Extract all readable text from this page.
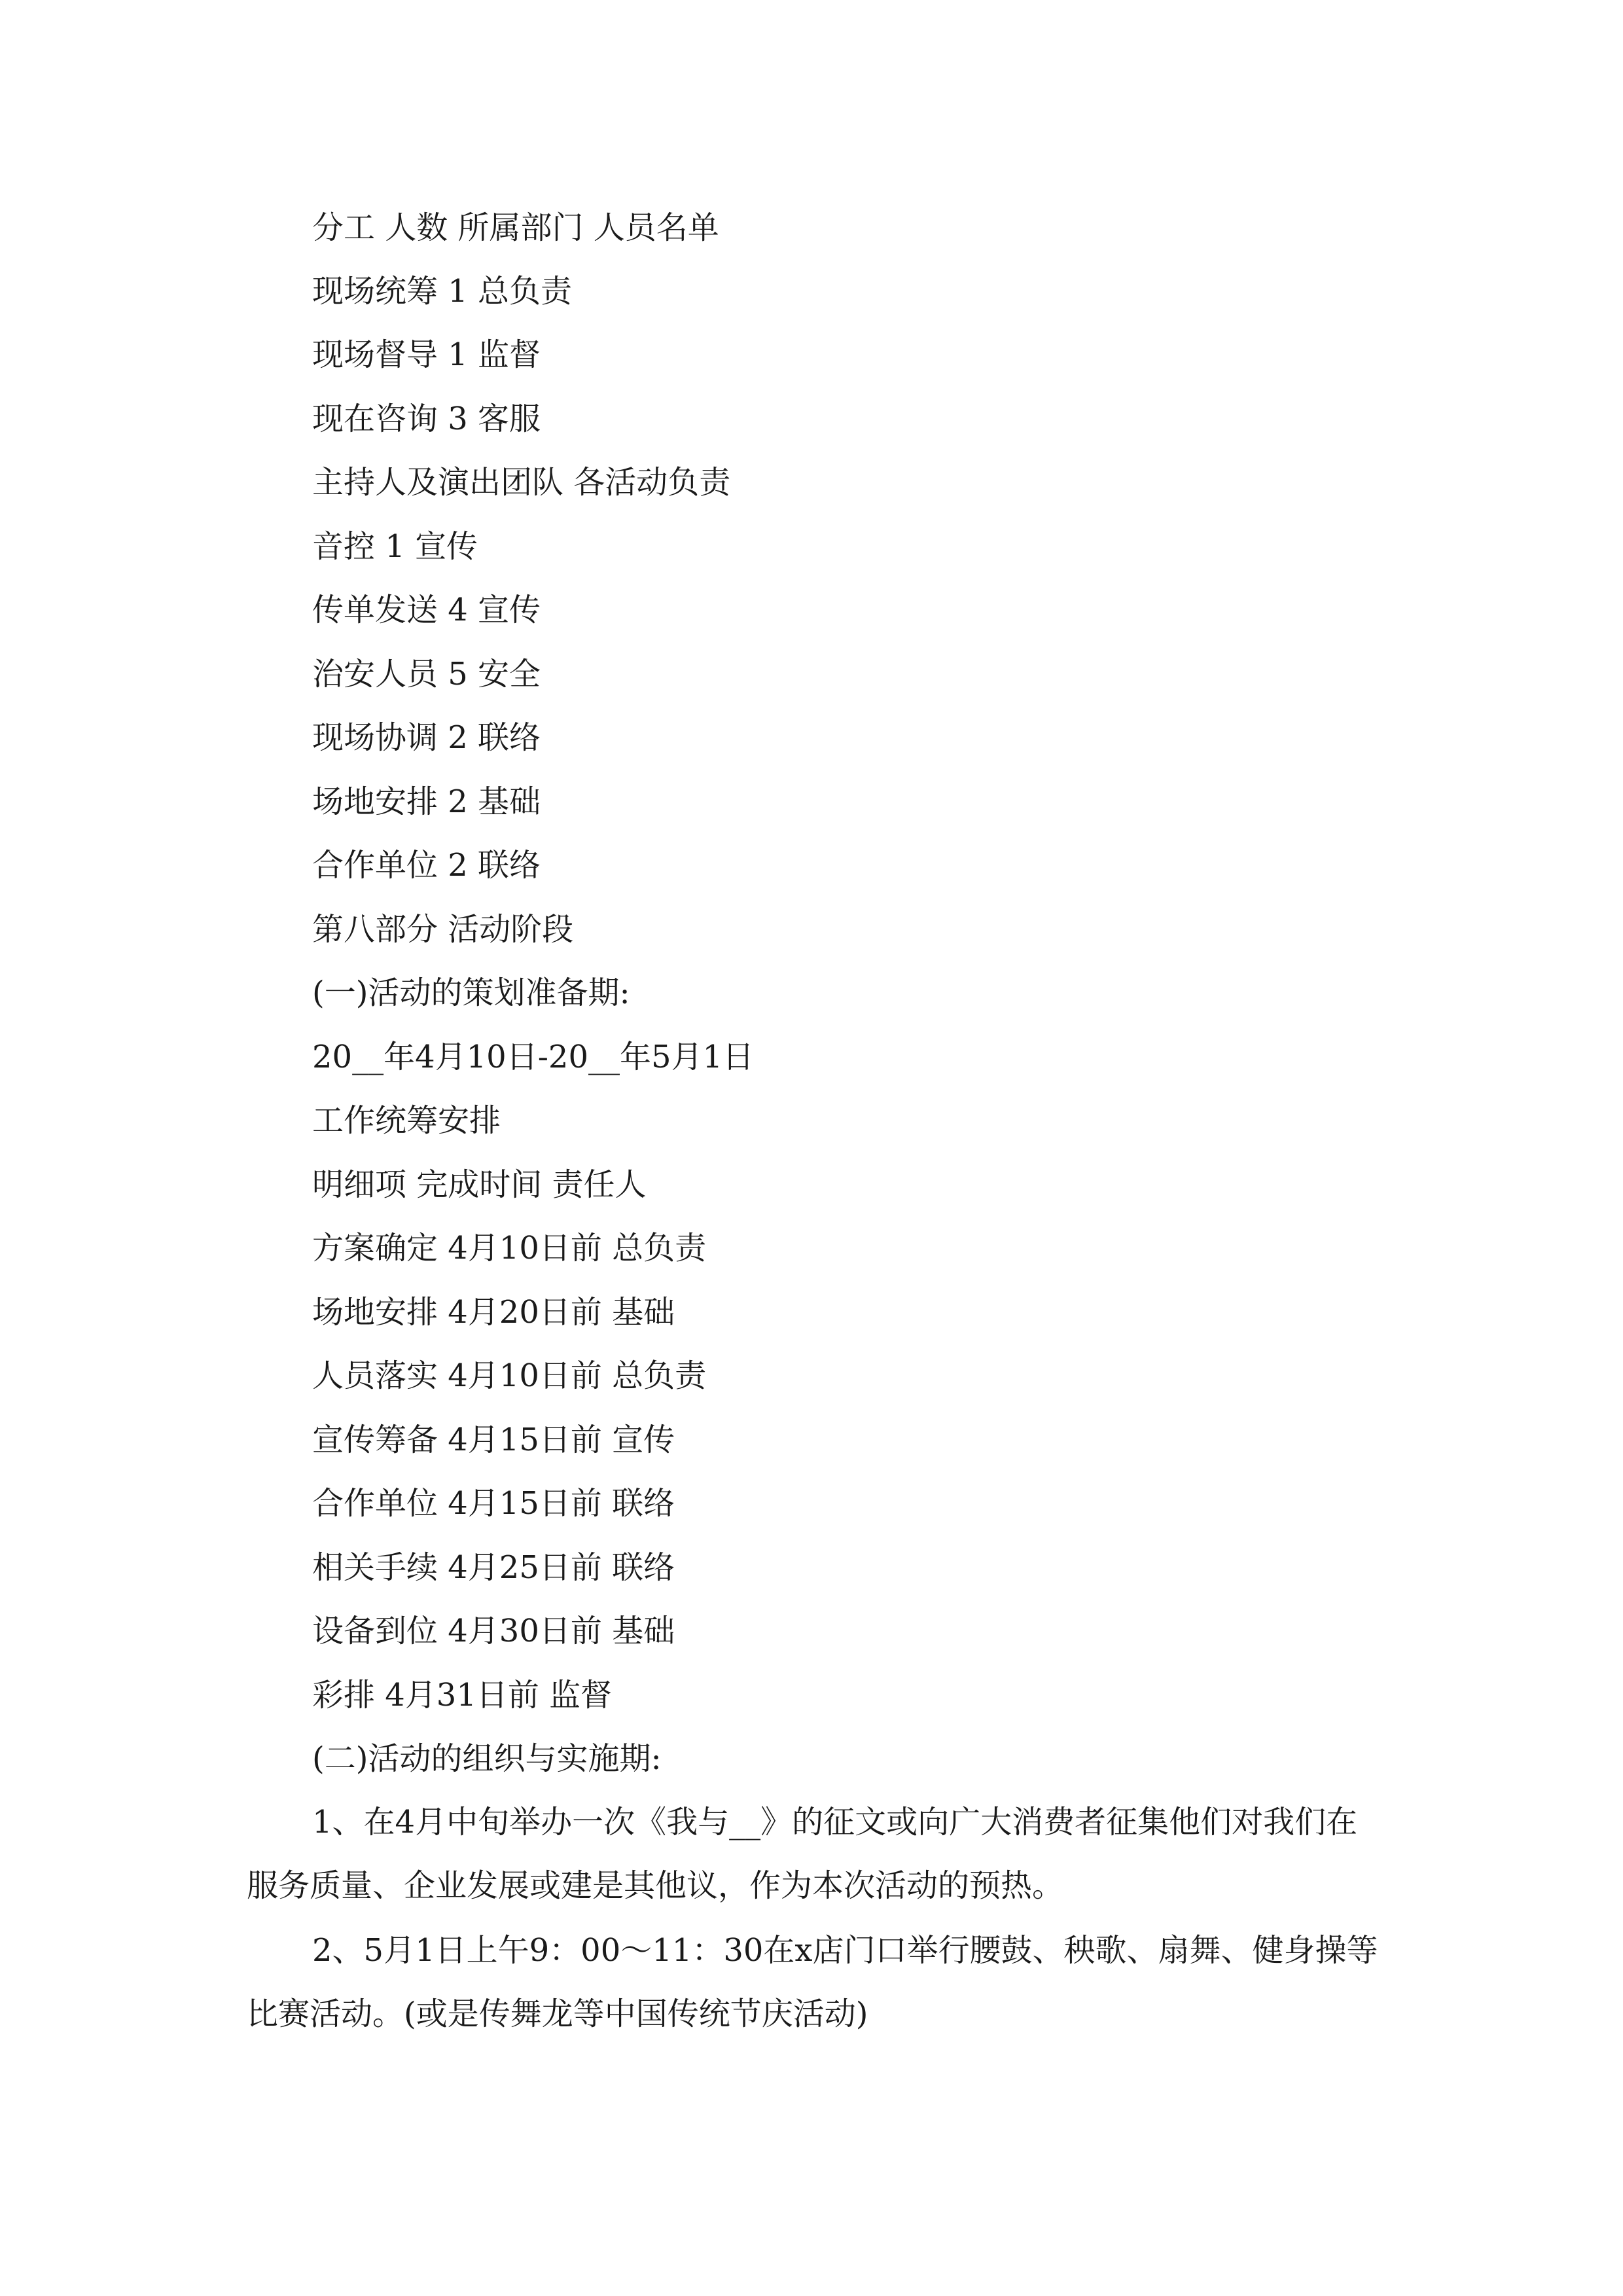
分工 人数 所属部门 人员名单
现场统筹 1 总负责
现场督导 1 监督
现在咨询 3 客服
主持人及演出团队 各活动负责
音控 1 宣传
传单发送 4 宣传
治安人员 5 安全
现场协调 2 联络
场地安排 2 基础
合作单位 2 联络
第八部分 活动阶段
(一)活动的策划准备期:
20__年4月10日-20__年5月1日
工作统筹安排
明细项 完成时间 责任人
方案确定 4月10日前 总负责
场地安排 4月20日前 基础
人员落实 4月10日前 总负责
宣传筹备 4月15日前 宣传
合作单位 4月15日前 联络
相关手续 4月25日前 联络
设备到位 4月30日前 基础
彩排 4月31日前 监督
(二)活动的组织与实施期:
1、在4月中旬举办一次《我与__》的征文或向广大消费者征集他们对我们在服务质量、企业发展或建是其他议，作为本次活动的预热。
2、5月1日上午9：00～11：30在x店门口举行腰鼓、秧歌、扇舞、健身操等比赛活动。(或是传舞龙等中国传统节庆活动)
